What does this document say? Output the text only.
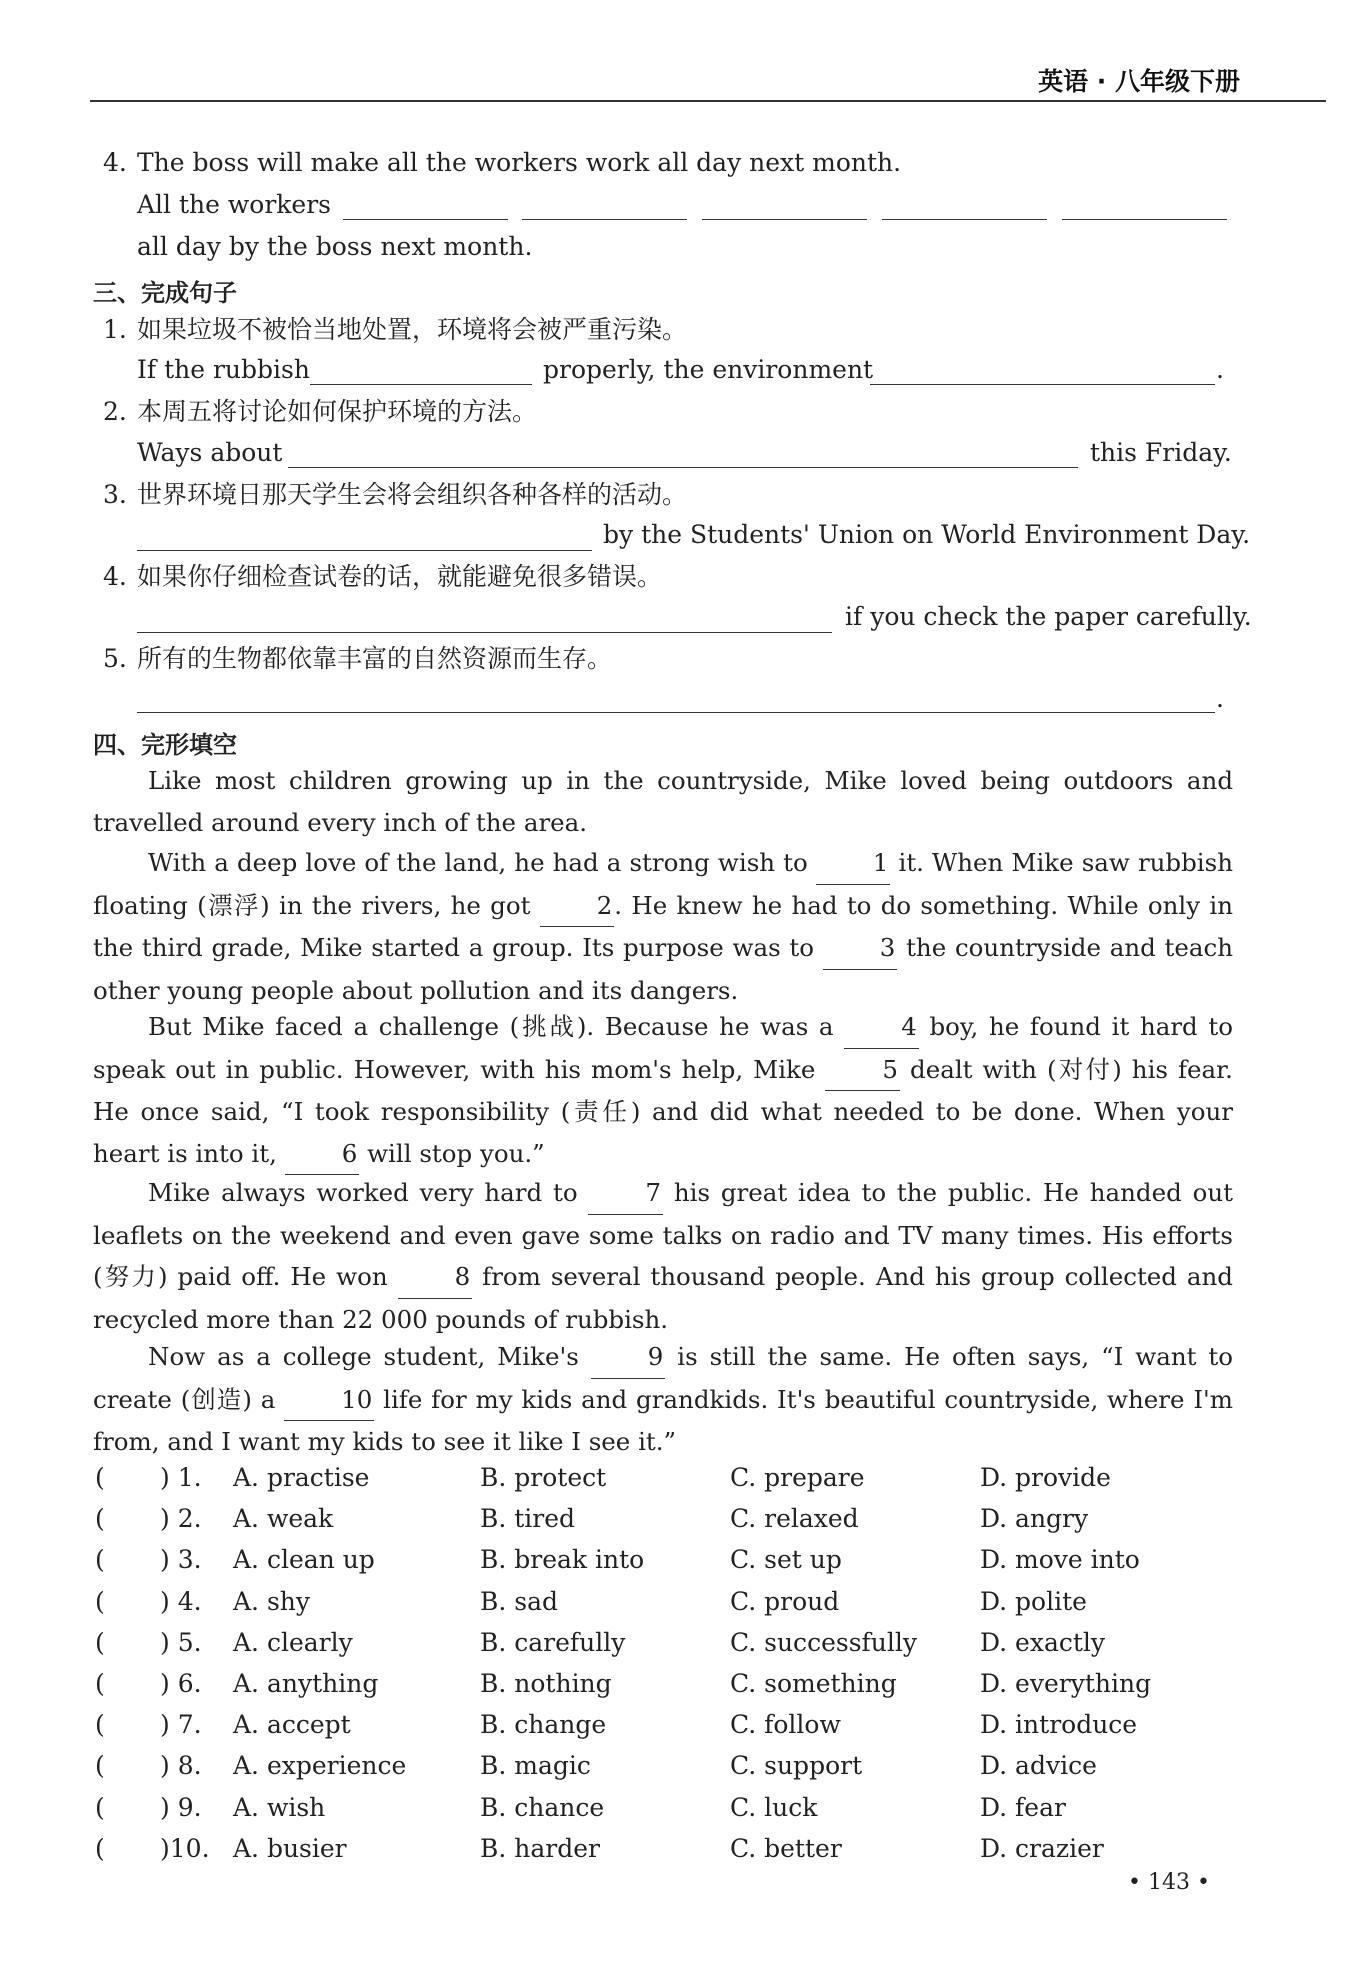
英语 · 八年级下册
4. The boss will make all the workers work all day next month.
All the workers
all day by the boss next month.
三、完成句子
1. 如果垃圾不被恰当地处置，环境将会被严重污染。
If the rubbish	properly, the environment	.
2. 本周五将讨论如何保护环境的方法。
Ways about	this Friday.
3. 世界环境日那天学生会将会组织各种各样的活动。
by the Students' Union on World Environment Day.
4. 如果你仔细检查试卷的话，就能避免很多错误。
if you check the paper carefully.
5. 所有的生物都依靠丰富的自然资源而生存。
.
四、完形填空
Like most children growing up in the countryside, Mike loved being outdoors and travelled around every inch of the area.
With a deep love of the land, he had a strong wish to 1 it. When Mike saw rubbish floating (漂浮) in the rivers, he got 2. He knew he had to do something. While only in the third grade, Mike started a group. Its purpose was to 3 the countryside and teach other young people about pollution and its dangers.
But Mike faced a challenge (挑战). Because he was a 4 boy, he found it hard to speak out in public. However, with his mom's help, Mike 5 dealt with (对付) his fear. He once said, “I took responsibility (责任) and did what needed to be done. When your heart is into it, 6 will stop you.”
Mike always worked very hard to 7 his great idea to the public. He handed out leaflets on the weekend and even gave some talks on radio and TV many times. His efforts (努力) paid off. He won 8 from several thousand people. And his group collected and recycled more than 22 000 pounds of rubbish.
Now as a college student, Mike's 9 is still the same. He often says, “I want to create (创造) a 10 life for my kids and grandkids. It's beautiful countryside, where I'm from, and I want my kids to see it like I see it.”
( ) 1. A. practise	B. protect	C. prepare	D. provide
( ) 2. A. weak	B. tired	C. relaxed	D. angry
( ) 3. A. clean up	B. break into	C. set up	D. move into
( ) 4. A. shy	B. sad	C. proud	D. polite
( ) 5. A. clearly	B. carefully	C. successfully	D. exactly
( ) 6. A. anything	B. nothing	C. something	D. everything
( ) 7. A. accept	B. change	C. follow	D. introduce
( ) 8. A. experience	B. magic	C. support	D. advice
( ) 9. A. wish	B. chance	C. luck	D. fear
( )10. A. busier	B. harder	C. better	D. crazier
• 143 •
